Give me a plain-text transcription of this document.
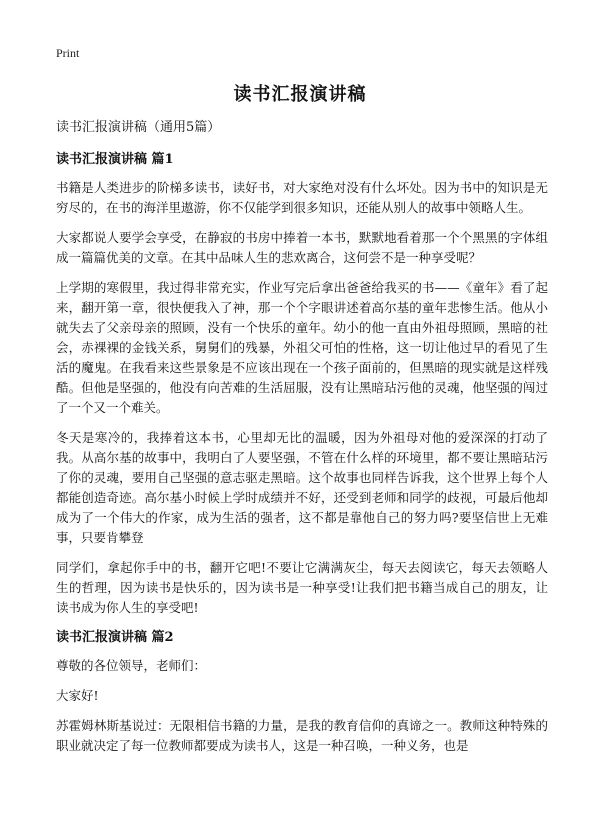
Print
读书汇报演讲稿

读书汇报演讲稿（通用5篇）

读书汇报演讲稿 篇1

书籍是人类进步的阶梯多读书，读好书，对大家绝对没有什么坏处。因为书中的知识是无穷尽的，在书的海洋里遨游，你不仅能学到很多知识，还能从别人的故事中领略人生。

大家都说人要学会享受，在静寂的书房中捧着一本书，默默地看着那一个个黑黑的字体组成一篇篇优美的文章。在其中品味人生的悲欢离合，这何尝不是一种享受呢？

上学期的寒假里，我过得非常充实，作业写完后拿出爸爸给我买的书——《童年》看了起来，翻开第一章，很快便我入了神，那一个个字眼讲述着高尔基的童年悲惨生活。他从小就失去了父亲母亲的照顾，没有一个快乐的童年。幼小的他一直由外祖母照顾，黑暗的社会，赤裸裸的金钱关系，舅舅们的残暴，外祖父可怕的性格，这一切让他过早的看见了生活的魔鬼。在我看来这些景象是不应该出现在一个孩子面前的，但黑暗的现实就是这样残酷。但他是坚强的，他没有向苦难的生活屈服，没有让黑暗玷污他的灵魂，他坚强的闯过了一个又一个难关。

冬天是寒冷的，我捧着这本书，心里却无比的温暖，因为外祖母对他的爱深深的打动了我。从高尔基的故事中，我明白了人要坚强，不管在什么样的环境里，都不要让黑暗玷污了你的灵魂，要用自己坚强的意志驱走黑暗。这个故事也同样告诉我，这个世界上每个人都能创造奇迹。高尔基小时候上学时成绩并不好，还受到老师和同学的歧视，可最后他却成为了一个伟大的作家，成为生活的强者，这不都是靠他自己的努力吗?要坚信世上无难事，只要肯攀登

同学们，拿起你手中的书，翻开它吧!不要让它满满灰尘，每天去阅读它，每天去领略人生的哲理，因为读书是快乐的，因为读书是一种享受!让我们把书籍当成自己的朋友，让读书成为你人生的享受吧!

读书汇报演讲稿 篇2

尊敬的各位领导，老师们：

大家好!

苏霍姆林斯基说过：无限相信书籍的力量，是我的教育信仰的真谛之一。教师这种特殊的职业就决定了每一位教师都要成为读书人，这是一种召唤，一种义务，也是
